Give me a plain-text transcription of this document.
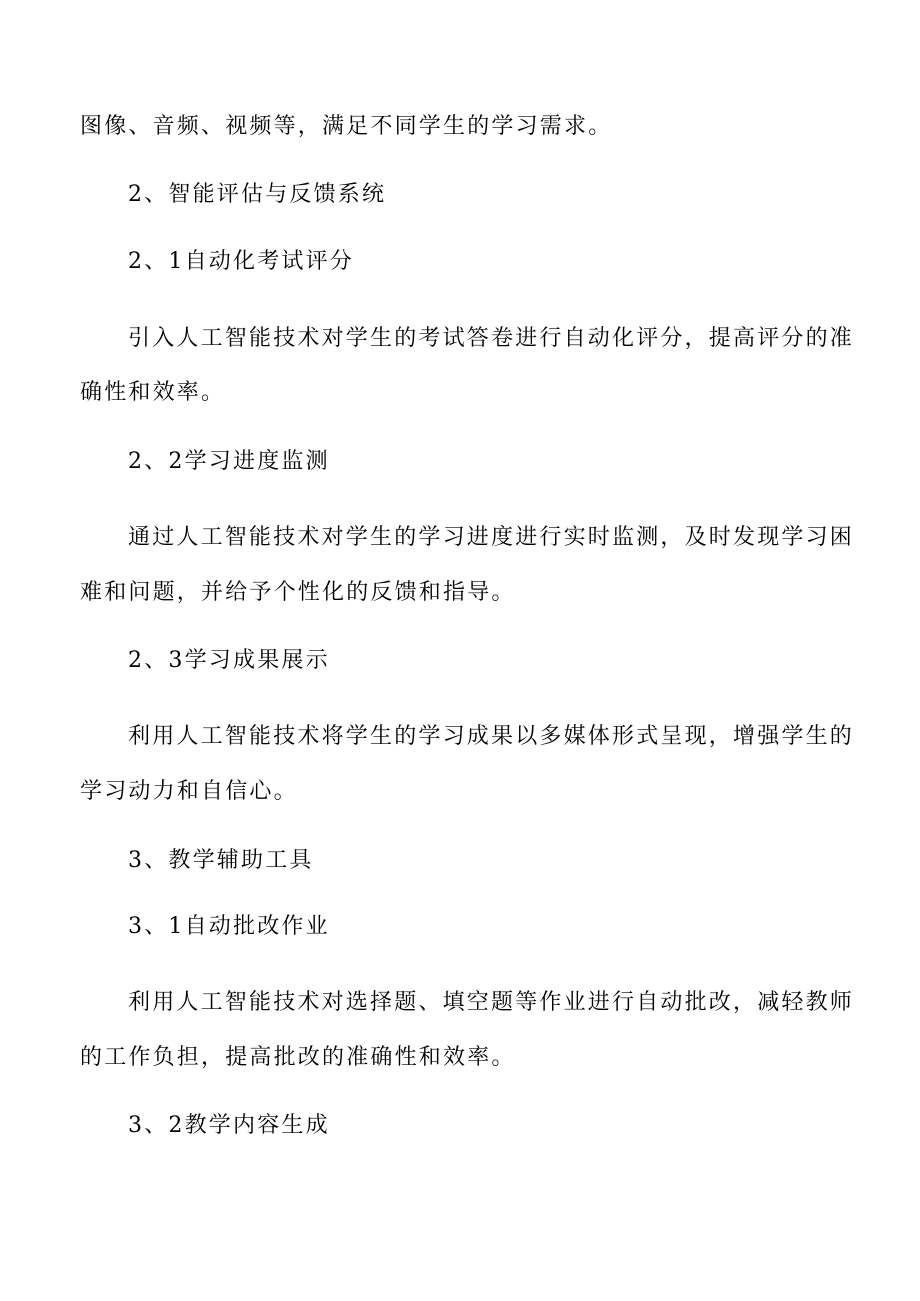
图像、音频、视频等，满足不同学生的学习需求。
2、智能评估与反馈系统
2、1自动化考试评分
引入人工智能技术对学生的考试答卷进行自动化评分，提高评分的准
确性和效率。
2、2学习进度监测
通过人工智能技术对学生的学习进度进行实时监测，及时发现学习困
难和问题，并给予个性化的反馈和指导。
2、3学习成果展示
利用人工智能技术将学生的学习成果以多媒体形式呈现，增强学生的
学习动力和自信心。
3、教学辅助工具
3、1自动批改作业
利用人工智能技术对选择题、填空题等作业进行自动批改，减轻教师
的工作负担，提高批改的准确性和效率。
3、2教学内容生成
